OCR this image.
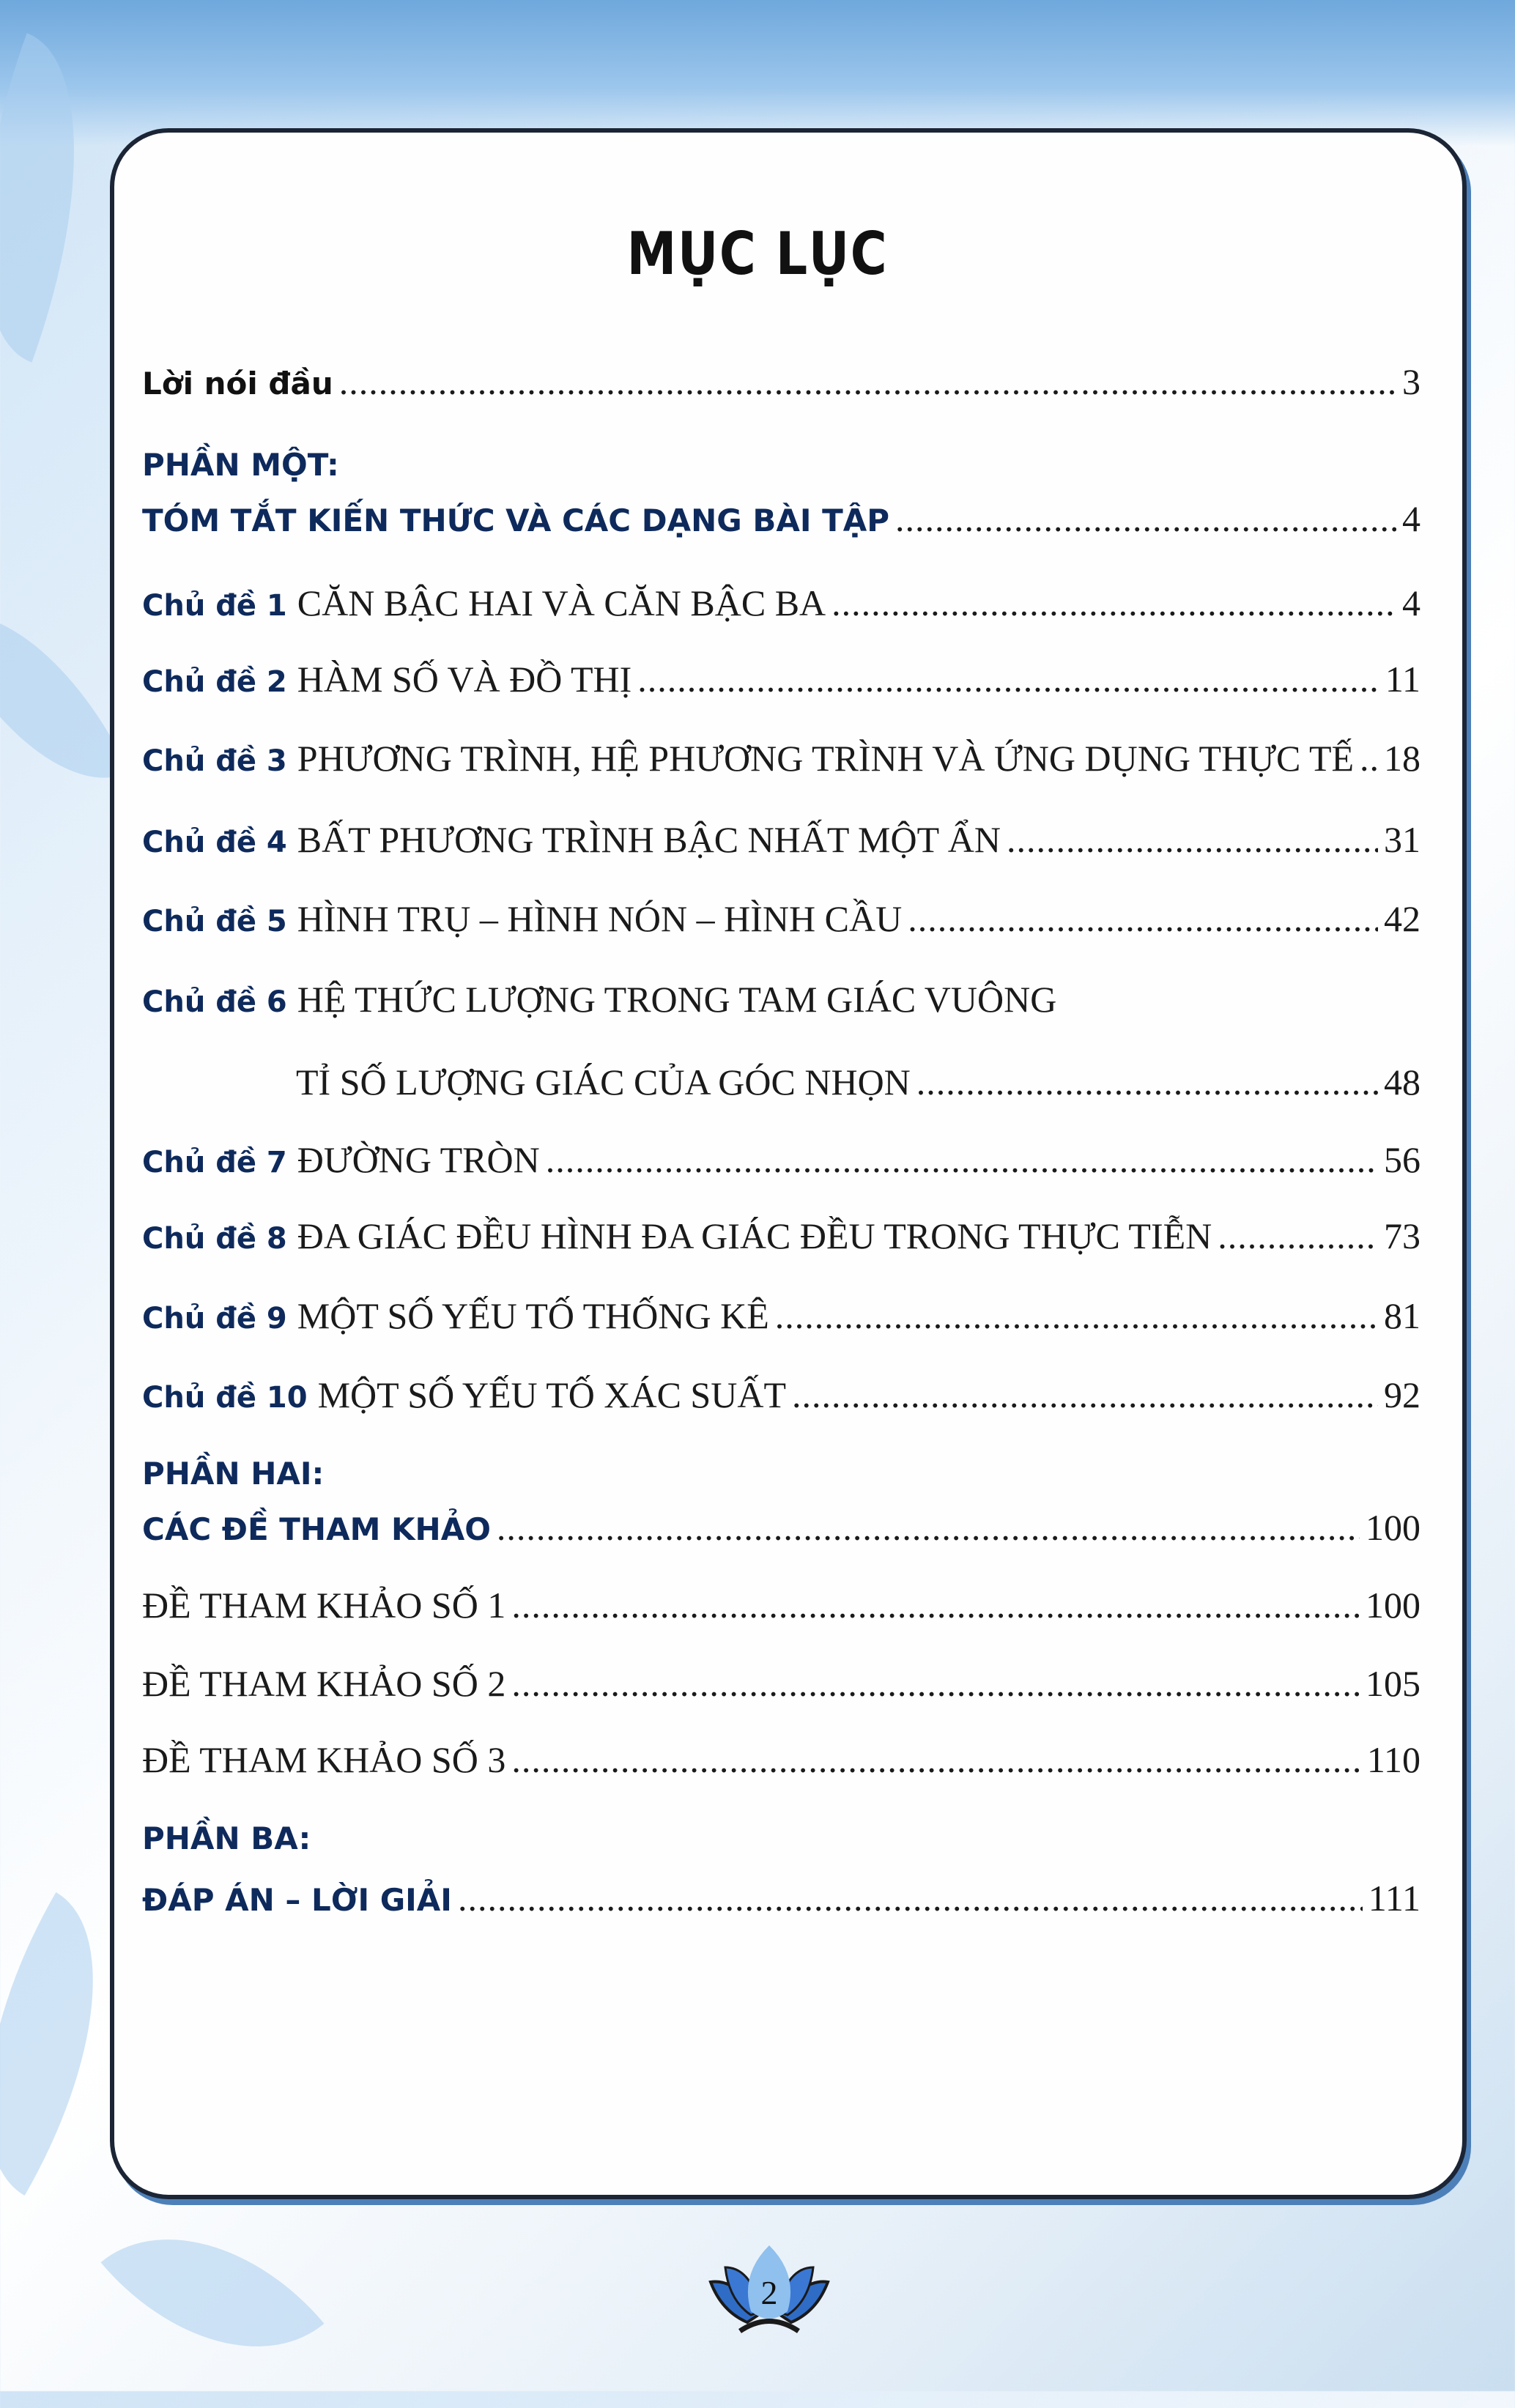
MỤC LỤC
Lời nói đầu .....	3
PHẦN MỘT:
TÓM TẮT KIẾN THỨC VÀ CÁC DẠNG BÀI TẬP .....	4
Chủ đề 1 CĂN BẬC HAI VÀ CĂN BẬC BA .....	4
Chủ đề 2 HÀM SỐ VÀ ĐỒ THỊ .....	11
Chủ đề 3 PHƯƠNG TRÌNH, HỆ PHƯƠNG TRÌNH VÀ ỨNG DỤNG THỰC TẾ ..... 18
Chủ đề 4 BẤT PHƯƠNG TRÌNH BẬC NHẤT MỘT ẨN .....	31
Chủ đề 5 HÌNH TRỤ – HÌNH NÓN – HÌNH CẦU .....	42
Chủ đề 6 HỆ THỨC LƯỢNG TRONG TAM GIÁC VUÔNG
TỈ SỐ LƯỢNG GIÁC CỦA GÓC NHỌN .....	48
Chủ đề 7 ĐƯỜNG TRÒN .....	56
Chủ đề 8 ĐA GIÁC ĐỀU HÌNH ĐA GIÁC ĐỀU TRONG THỰC TIỄN .....	73
Chủ đề 9 MỘT SỐ YẾU TỐ THỐNG KÊ .....	81
Chủ đề 10 MỘT SỐ YẾU TỐ XÁC SUẤT .....	92
PHẦN HAI:
CÁC ĐỀ THAM KHẢO .....	100
ĐỀ THAM KHẢO SỐ 1 .....	100
ĐỀ THAM KHẢO SỐ 2 .....	105
ĐỀ THAM KHẢO SỐ 3 .....	110
PHẦN BA:
ĐÁP ÁN – LỜI GIẢI .....	111
2
